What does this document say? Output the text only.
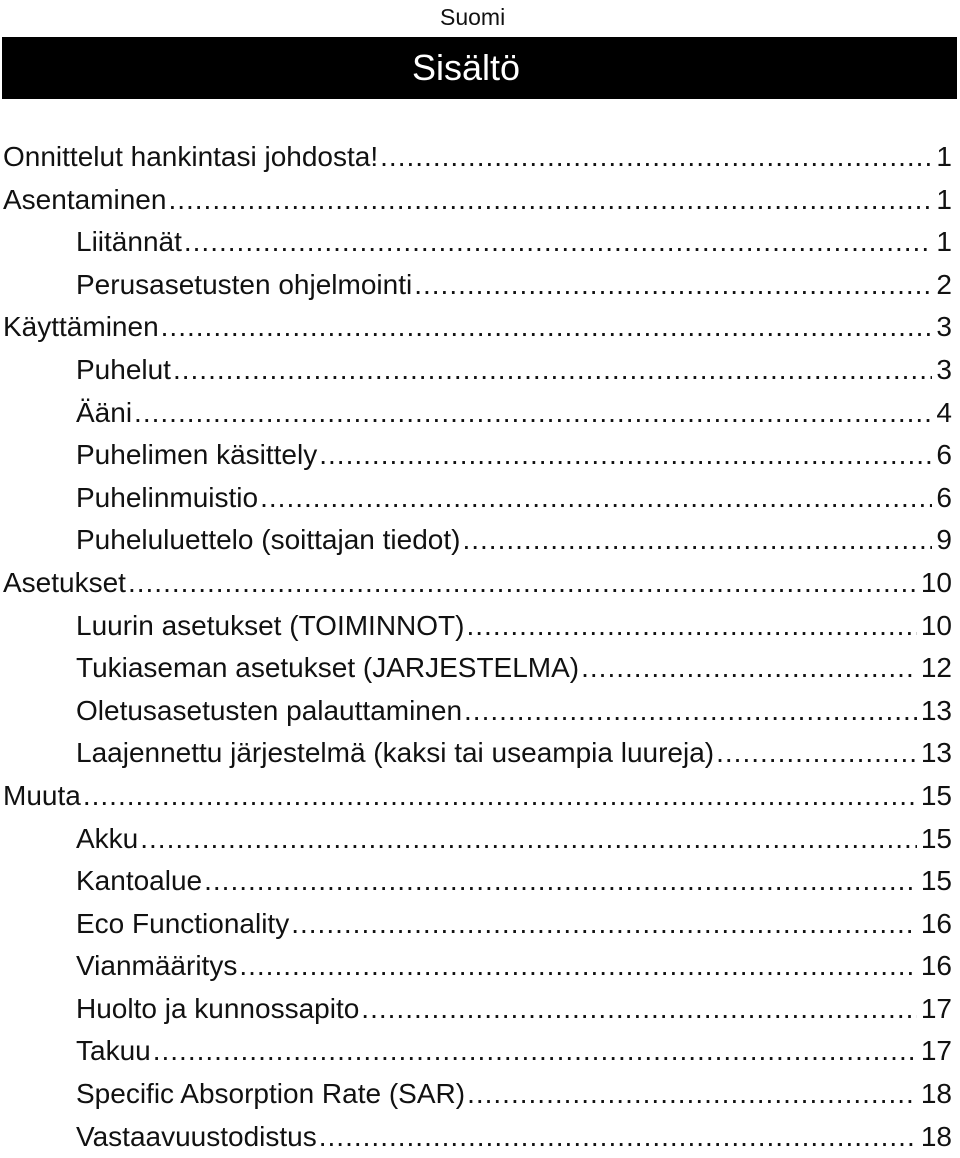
Suomi
Sisältö
Onnittelut hankintasi johdosta! .....	1
Asentaminen .....	1
Liitännät .....	1
Perusasetusten ohjelmointi .....	2
Käyttäminen .....	3
Puhelut .....	3
Ääni .....	4
Puhelimen käsittely .....	6
Puhelinmuistio .....	6
Puheluluettelo (soittajan tiedot) .....	9
Asetukset .....	10
Luurin asetukset (TOIMINNOT) .....	10
Tukiaseman asetukset (JARJESTELMA) .....	12
Oletusasetusten palauttaminen .....	13
Laajennettu järjestelmä (kaksi tai useampia luureja) .....	13
Muuta .....	15
Akku .....	15
Kantoalue .....	15
Eco Functionality .....	16
Vianmääritys .....	16
Huolto ja kunnossapito .....	17
Takuu .....	17
Specific Absorption Rate (SAR) .....	18
Vastaavuustodistus .....	18
